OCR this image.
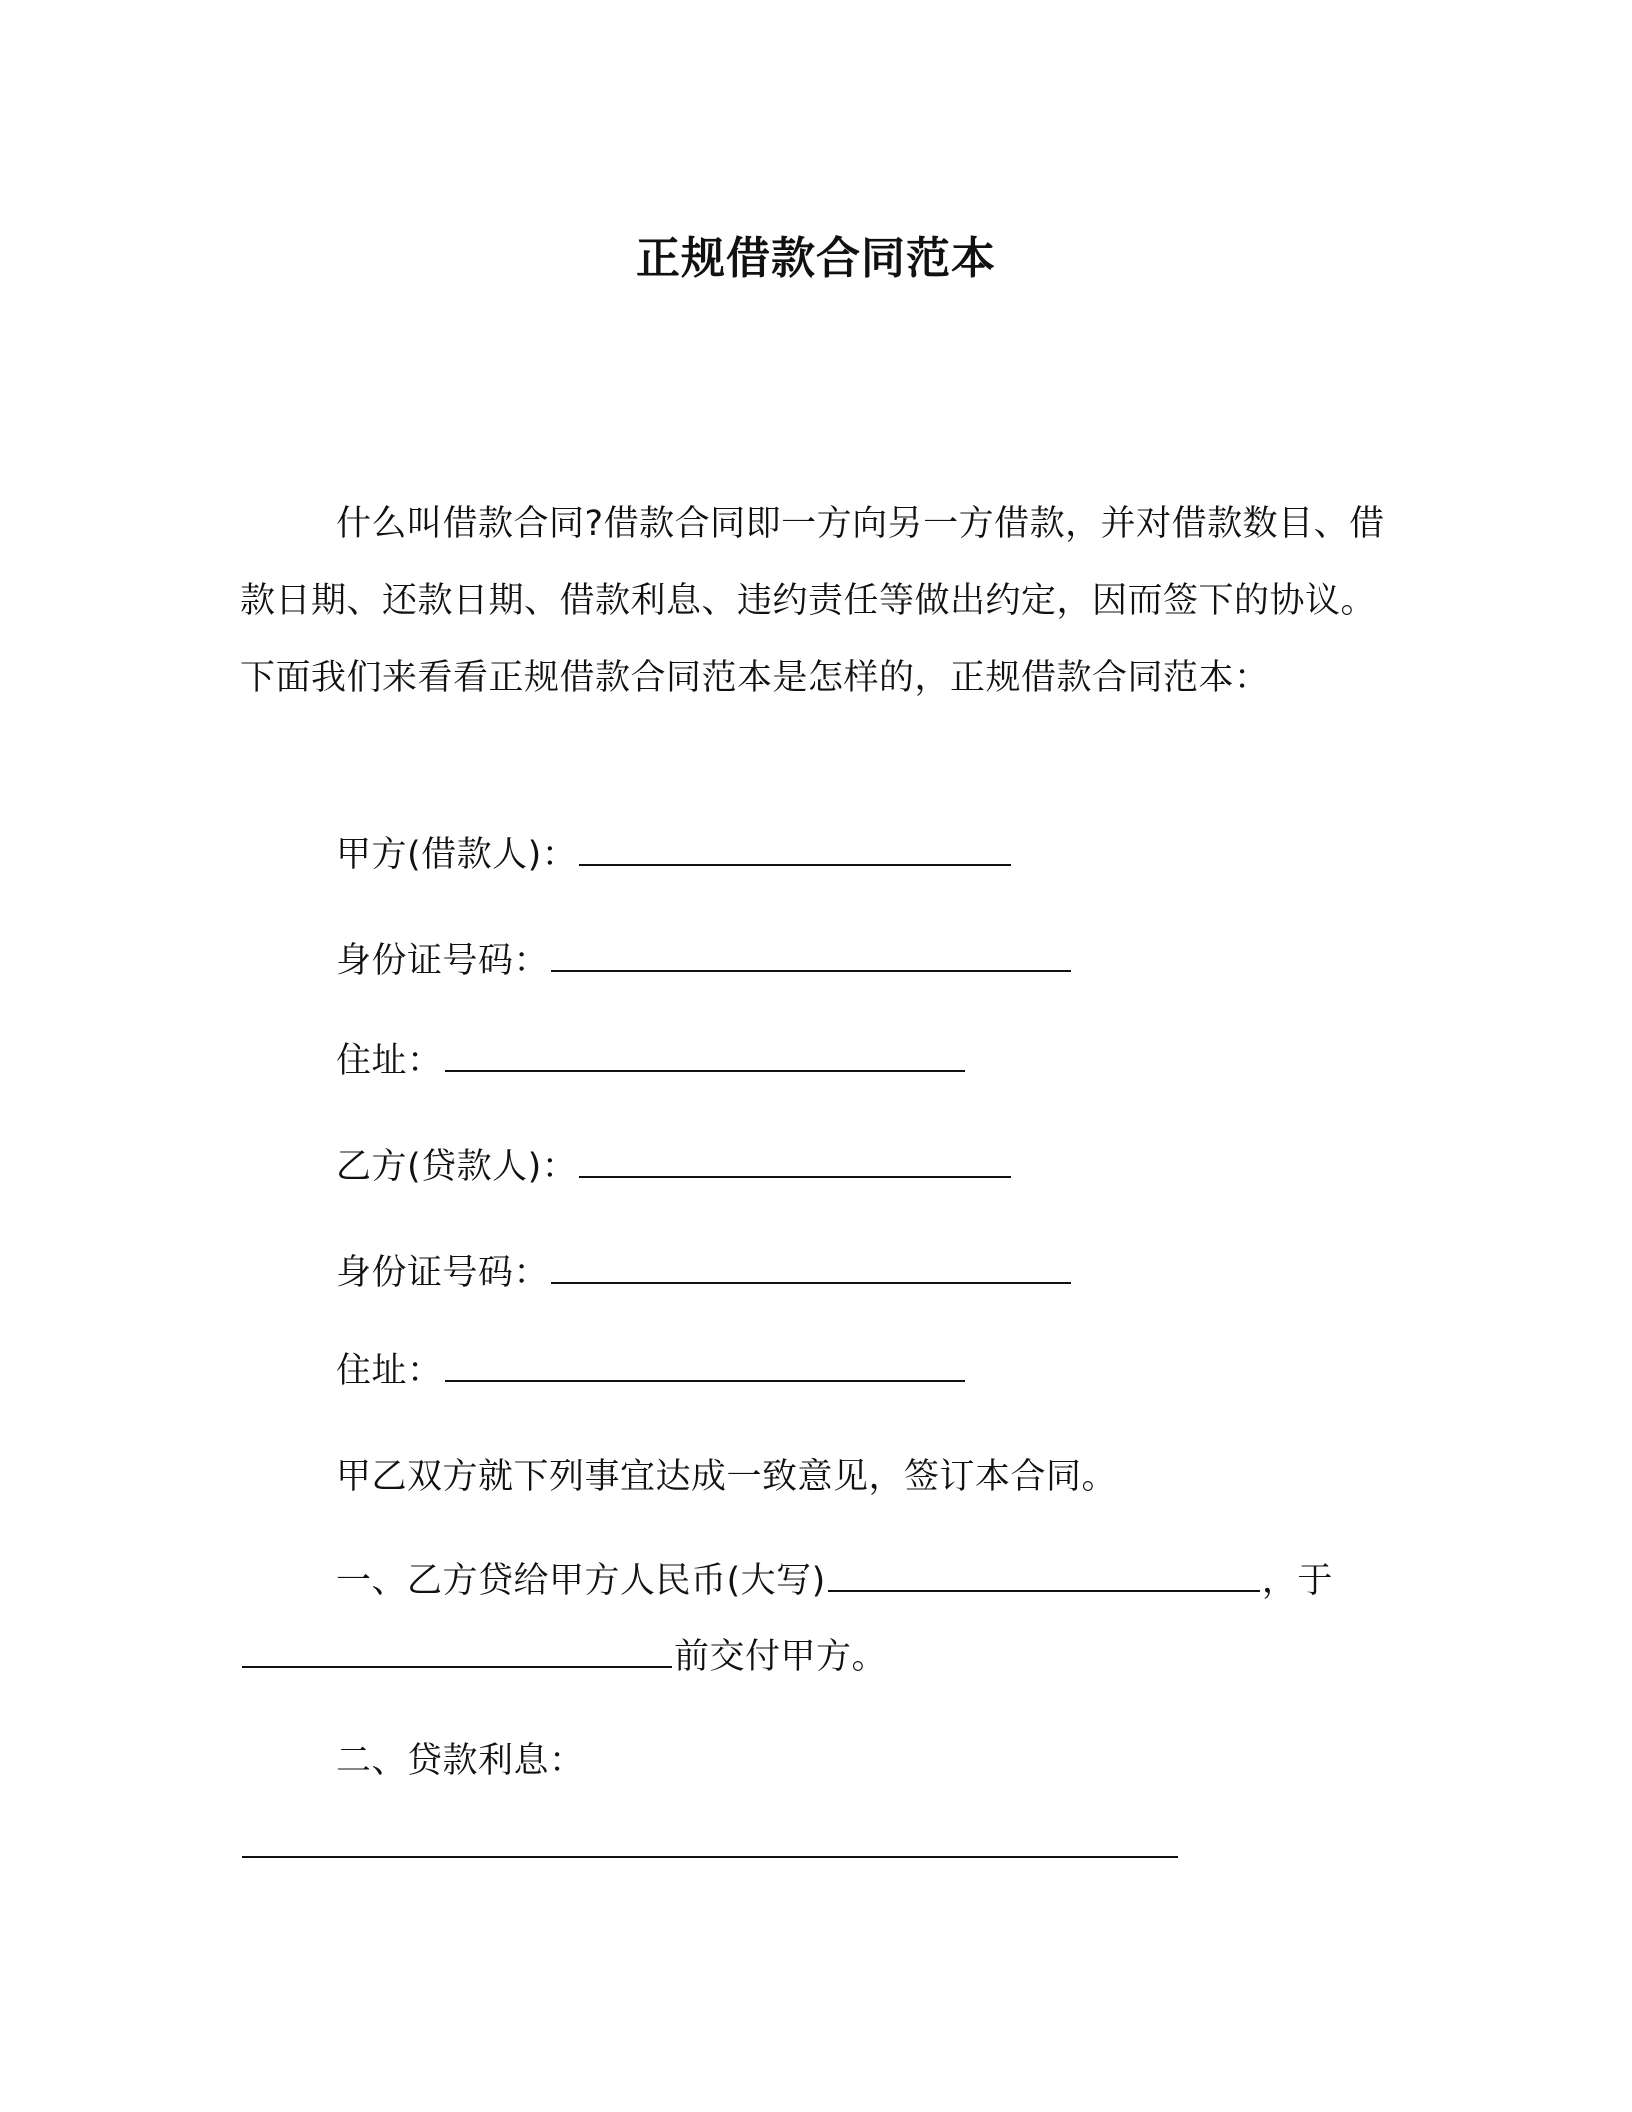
正规借款合同范本

什么叫借款合同?借款合同即一方向另一方借款，并对借款数目、借款日期、还款日期、借款利息、违约责任等做出约定，因而签下的协议。下面我们来看看正规借款合同范本是怎样的，正规借款合同范本：

甲方(借款人)：

身份证号码：

住址：

乙方(贷款人)：

身份证号码：

住址：

甲乙双方就下列事宜达成一致意见，签订本合同。

一、乙方贷给甲方人民币(大写)	，于

前交付甲方。

二、贷款利息：
